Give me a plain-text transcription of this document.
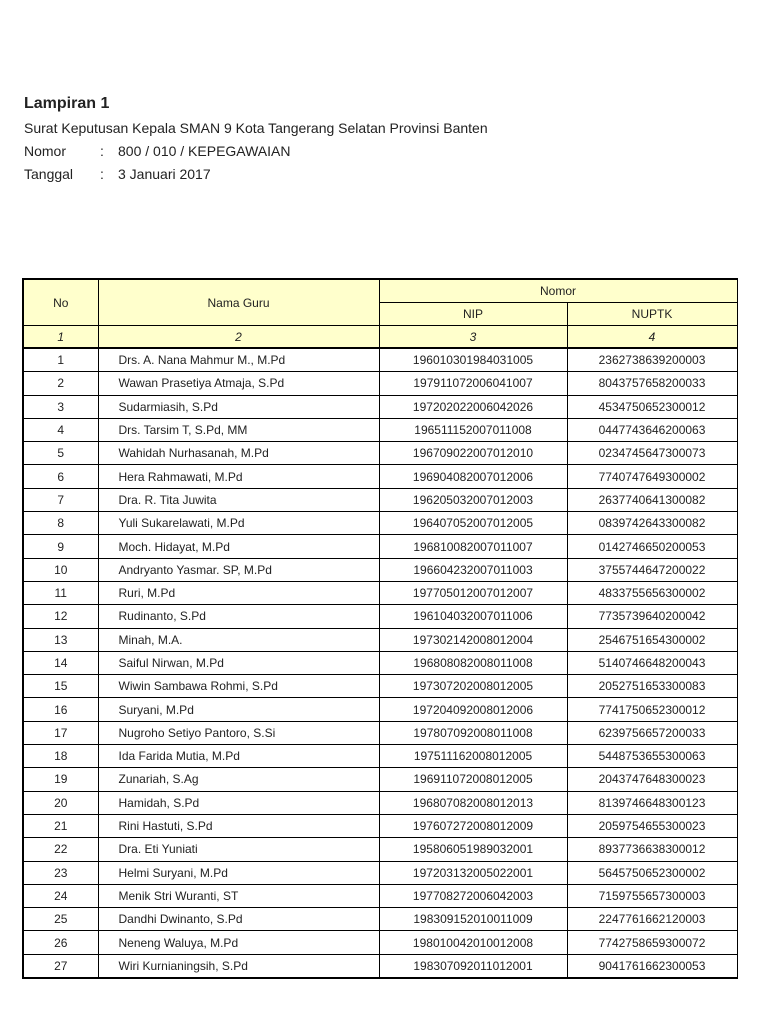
Lampiran 1

Surat Keputusan Kepala SMAN 9 Kota Tangerang Selatan Provinsi Banten

Nomor	:	800 / 010 / KEPEGAWAIAN
Tanggal	:	3 Januari 2017
No	Nama Guru	Nomor	
		NIP	NUPTK
1	2	3	4
1	Drs. A. Nana Mahmur M., M.Pd	196010301984031005	2362738639200003
2	Wawan Prasetiya Atmaja, S.Pd	197911072006041007	8043757658200033
3	Sudarmiasih, S.Pd	197202022006042026	4534750652300012
4	Drs. Tarsim T, S.Pd, MM	196511152007011008	0447743646200063
5	Wahidah Nurhasanah, M.Pd	196709022007012010	0234745647300073
6	Hera Rahmawati, M.Pd	196904082007012006	7740747649300002
7	Dra. R. Tita Juwita	196205032007012003	2637740641300082
8	Yuli Sukarelawati, M.Pd	196407052007012005	0839742643300082
9	Moch. Hidayat, M.Pd	196810082007011007	0142746650200053
10	Andryanto Yasmar. SP, M.Pd	196604232007011003	3755744647200022
11	Ruri, M.Pd	197705012007012007	4833755656300002
12	Rudinanto, S.Pd	196104032007011006	7735739640200042
13	Minah, M.A.	197302142008012004	2546751654300002
14	Saiful Nirwan, M.Pd	196808082008011008	5140746648200043
15	Wiwin Sambawa Rohmi, S.Pd	197307202008012005	2052751653300083
16	Suryani, M.Pd	197204092008012006	7741750652300012
17	Nugroho Setiyo Pantoro, S.Si	197807092008011008	6239756657200033
18	Ida Farida Mutia, M.Pd	197511162008012005	5448753655300063
19	Zunariah, S.Ag	196911072008012005	2043747648300023
20	Hamidah, S.Pd	196807082008012013	8139746648300123
21	Rini Hastuti, S.Pd	197607272008012009	2059754655300023
22	Dra. Eti Yuniati	195806051989032001	8937736638300012
23	Helmi Suryani, M.Pd	197203132005022001	5645750652300002
24	Menik Stri Wuranti, ST	197708272006042003	7159755657300003
25	Dandhi Dwinanto, S.Pd	198309152010011009	2247761662120003
26	Neneng Waluya, M.Pd	198010042010012008	7742758659300072
27	Wiri Kurnianingsih, S.Pd	198307092011012001	9041761662300053
